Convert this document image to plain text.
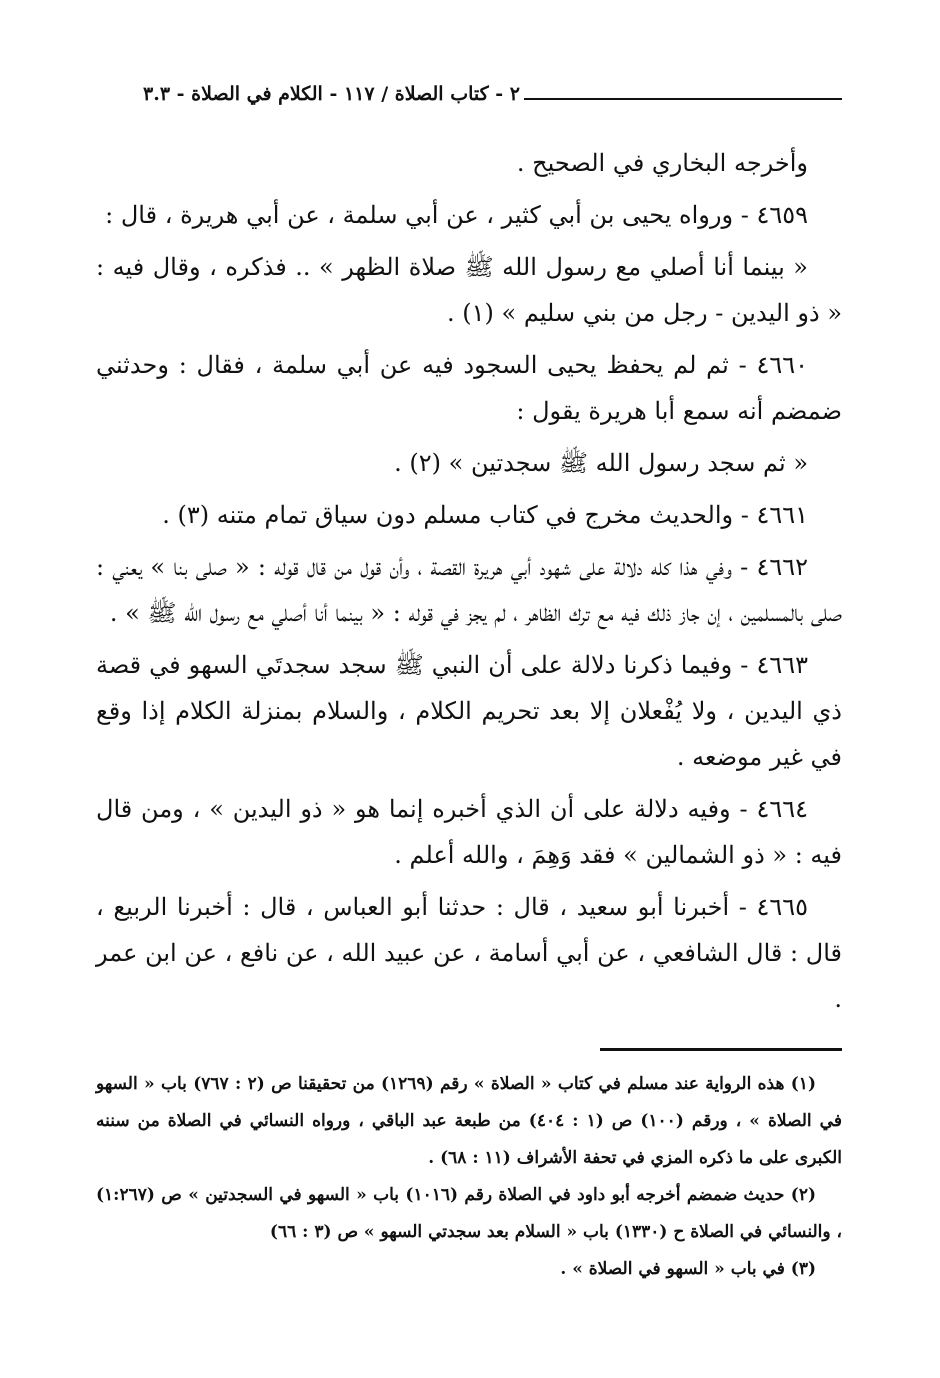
٢ - كتاب الصلاة / ١١٧ - الكلام في الصلاة - ٣.٣

وأخرجه البخاري في الصحيح .

٤٦٥٩ - ورواه يحيى بن أبي كثير ، عن أبي سلمة ، عن أبي هريرة ، قال :

« بينما أنا أصلي مع رسول الله ﷺ صلاة الظهر » .. فذكره ، وقال فيه : « ذو اليدين - رجل من بني سليم » (١) .

٤٦٦٠ - ثم لم يحفظ يحيى السجود فيه عن أبي سلمة ، فقال : وحدثني ضمضم أنه سمع أبا هريرة يقول :

« ثم سجد رسول الله ﷺ سجدتين » (٢) .

٤٦٦١ - والحديث مخرج في كتاب مسلم دون سياق تمام متنه (٣) .

٤٦٦٢ - وفي هذا كله دلالة على شهود أبي هريرة القصة ، وأن قول من قال قوله : « صلى بنا » يعني : صلى بالمسلمين ، إن جاز ذلك فيه مع ترك الظاهر ، لم يجز في قوله : « بينما أنا أصلي مع رسول الله ﷺ » .

٤٦٦٣ - وفيما ذكرنا دلالة على أن النبي ﷺ سجد سجدتَي السهو في قصة ذي اليدين ، ولا يُفْعلان إلا بعد تحريم الكلام ، والسلام بمنزلة الكلام إذا وقع في غير موضعه .

٤٦٦٤ - وفيه دلالة على أن الذي أخبره إنما هو « ذو اليدين » ، ومن قال فيه : « ذو الشمالين » فقد وَهِمَ ، والله أعلم .

٤٦٦٥ - أخبرنا أبو سعيد ، قال : حدثنا أبو العباس ، قال : أخبرنا الربيع ، قال : قال الشافعي ، عن أبي أسامة ، عن عبيد الله ، عن نافع ، عن ابن عمر .

(١) هذه الرواية عند مسلم في كتاب « الصلاة » رقم (١٢٦٩) من تحقيقنا ص (٢ : ٧٦٧) باب « السهو في الصلاة » ، ورقم (١٠٠) ص (١ : ٤٠٤) من طبعة عبد الباقي ، ورواه النسائي في الصلاة من سننه الكبرى على ما ذكره المزي في تحفة الأشراف (١١ : ٦٨) .

(٢) حديث ضمضم أخرجه أبو داود في الصلاة رقم (١٠١٦) باب « السهو في السجدتين » ص (١:٢٦٧) ، والنسائي في الصلاة ح (١٣٣٠) باب « السلام بعد سجدتي السهو » ص (٣ : ٦٦)

(٣) في باب « السهو في الصلاة » .
